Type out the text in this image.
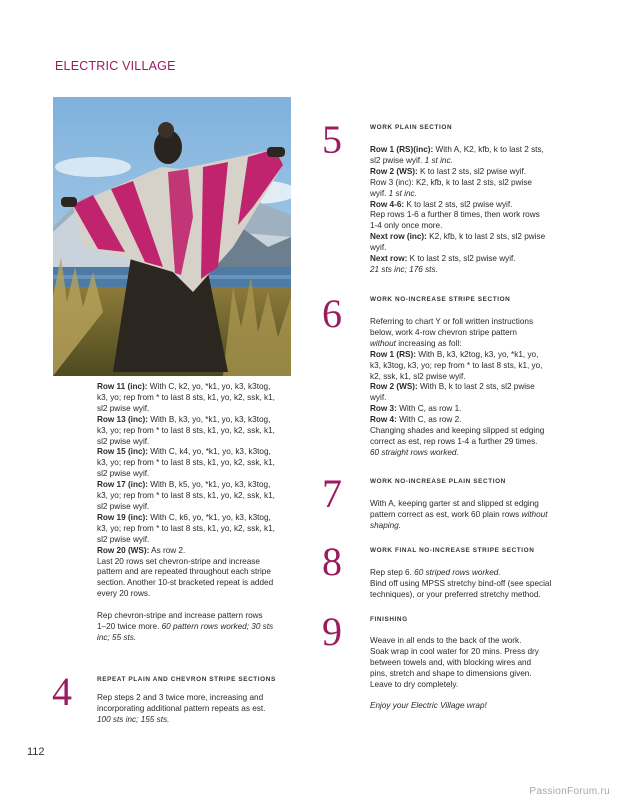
ELECTRIC VILLAGE

Row 11 (inc): With C, k2, yo, *k1, yo, k3, k3tog,

k3, yo; rep from * to last 8 sts, k1, yo, k2, ssk, k1,

sl2 pwise wyif.

Row 13 (inc): With B, k3, yo, *k1, yo, k3, k3tog,

k3, yo; rep from * to last 8 sts, k1, yo, k2, ssk, k1,

sl2 pwise wyif.

Row 15 (inc): With C, k4, yo, *k1, yo, k3, k3tog,

k3, yo; rep from * to last 8 sts, k1, yo, k2, ssk, k1,

sl2 pwise wyif.

Row 17 (inc): With B, k5, yo, *k1, yo, k3, k3tog,

k3, yo; rep from * to last 8 sts, k1, yo, k2, ssk, k1,

sl2 pwise wyif.

Row 19 (inc): With C, k6, yo, *k1, yo, k3, k3tog,

k3, yo; rep from * to last 8 sts, k1, yo, k2, ssk, k1,

sl2 pwise wyif.

Row 20 (WS): As row 2.

Last 20 rows set chevron-stripe and increase

pattern and are repeated throughout each stripe

section. Another 10-st bracketed repeat is added

every 20 rows.

Rep chevron-stripe and increase pattern rows

1–20 twice more. 60 pattern rows worked; 30 sts

inc; 55 sts.

4	REPEAT PLAIN AND CHEVRON STRIPE SECTIONS

Rep steps 2 and 3 twice more, increasing and

incorporating additional pattern repeats as est.

100 sts inc; 155 sts.

5	WORK PLAIN SECTION

Row 1 (RS)(inc): With A, K2, kfb, k to last 2 sts,

sl2 pwise wyif. 1 st inc.

Row 2 (WS): K to last 2 sts, sl2 pwise wyif.

Row 3 (inc): K2, kfb, k to last 2 sts, sl2 pwise

wyif. 1 st inc.

Row 4-6: K to last 2 sts, sl2 pwise wyif.

Rep rows 1-6 a further 8 times, then work rows

1-4 only once more.

Next row (inc): K2, kfb, k to last 2 sts, sl2 pwise

wyif.

Next row: K to last 2 sts, sl2 pwise wyif.

21 sts inc; 176 sts.

6	WORK NO-INCREASE STRIPE SECTION

Referring to chart Y or foll written instructions

below, work 4-row chevron stripe pattern

without increasing as foll:

Row 1 (RS): With B, k3, k2tog, k3, yo, *k1, yo,

k3, k3tog, k3, yo; rep from * to last 8 sts, k1, yo,

k2, ssk, k1, sl2 pwise wyif.

Row 2 (WS): With B, k to last 2 sts, sl2 pwise

wyif.

Row 3: With C, as row 1.

Row 4: With C, as row 2.

Changing shades and keeping slipped st edging

correct as est, rep rows 1-4 a further 29 times.

60 straight rows worked.

7	WORK NO-INCREASE PLAIN SECTION

With A, keeping garter st and slipped st edging

pattern correct as est, work 60 plain rows without

shaping.

8	WORK FINAL NO-INCREASE STRIPE SECTION

Rep step 6. 60 striped rows worked.

Bind off using MPSS stretchy bind-off (see special

techniques), or your preferred stretchy method.

9	FINISHING

Weave in all ends to the back of the work.

Soak wrap in cool water for 20 mins. Press dry

between towels and, with blocking wires and

pins, stretch and shape to dimensions given.

Leave to dry completely.

Enjoy your Electric Village wrap!

112
PassionForum.ru
